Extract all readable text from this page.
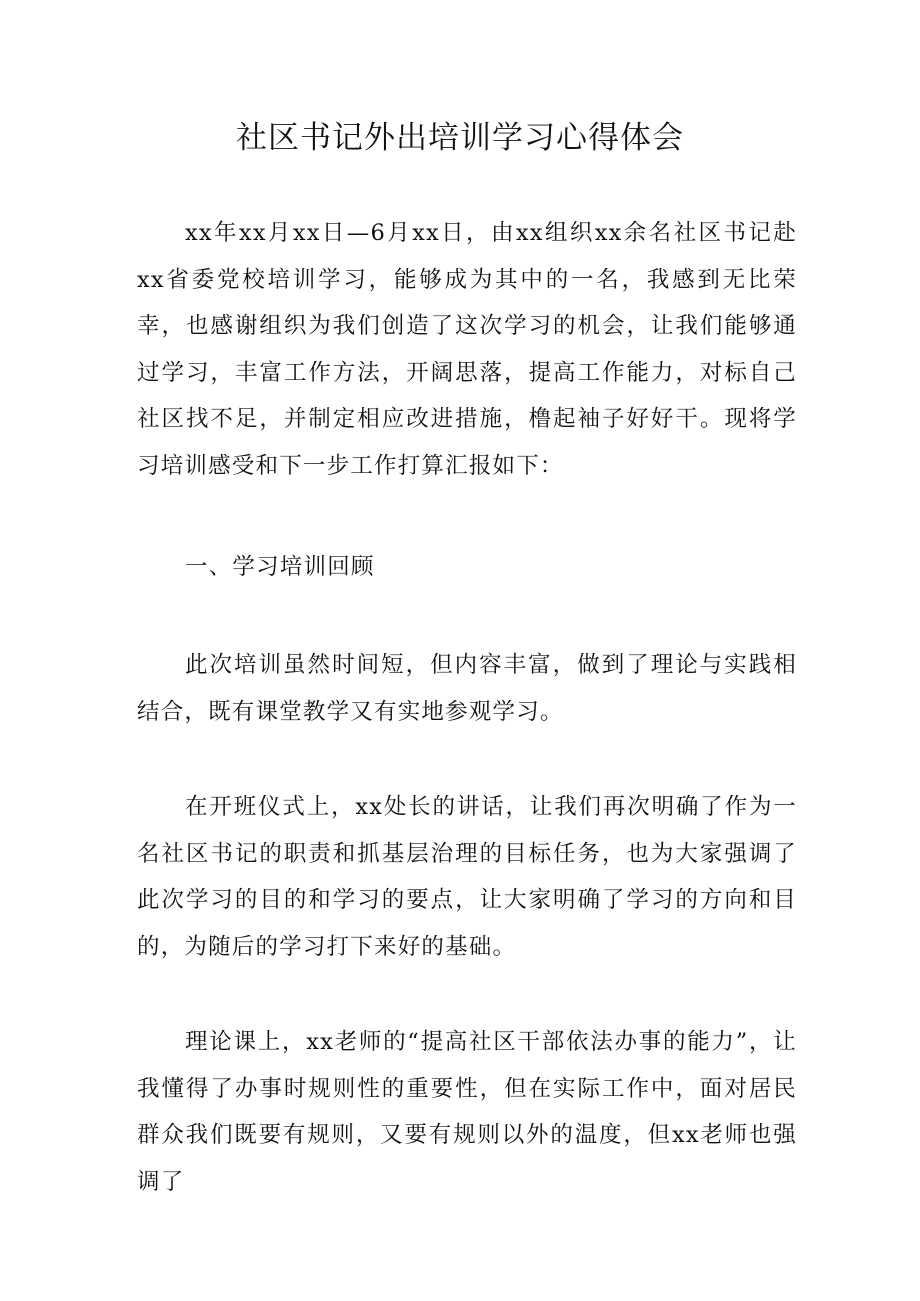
社区书记外出培训学习心得体会

xx年xx月xx日—6月xx日，由xx组织xx余名社区书记赴xx省委党校培训学习，能够成为其中的一名，我感到无比荣幸，也感谢组织为我们创造了这次学习的机会，让我们能够通过学习，丰富工作方法，开阔思落，提高工作能力，对标自己社区找不足，并制定相应改进措施，橹起袖子好好干。现将学习培训感受和下一步工作打算汇报如下：

一、学习培训回顾

此次培训虽然时间短，但内容丰富，做到了理论与实践相结合，既有课堂教学又有实地参观学习。

在开班仪式上，xx处长的讲话，让我们再次明确了作为一名社区书记的职责和抓基层治理的目标任务，也为大家强调了此次学习的目的和学习的要点，让大家明确了学习的方向和目的，为随后的学习打下来好的基础。

理论课上，xx老师的“提高社区干部依法办事的能力”，让我懂得了办事时规则性的重要性，但在实际工作中，面对居民群众我们既要有规则，又要有规则以外的温度，但xx老师也强调了
